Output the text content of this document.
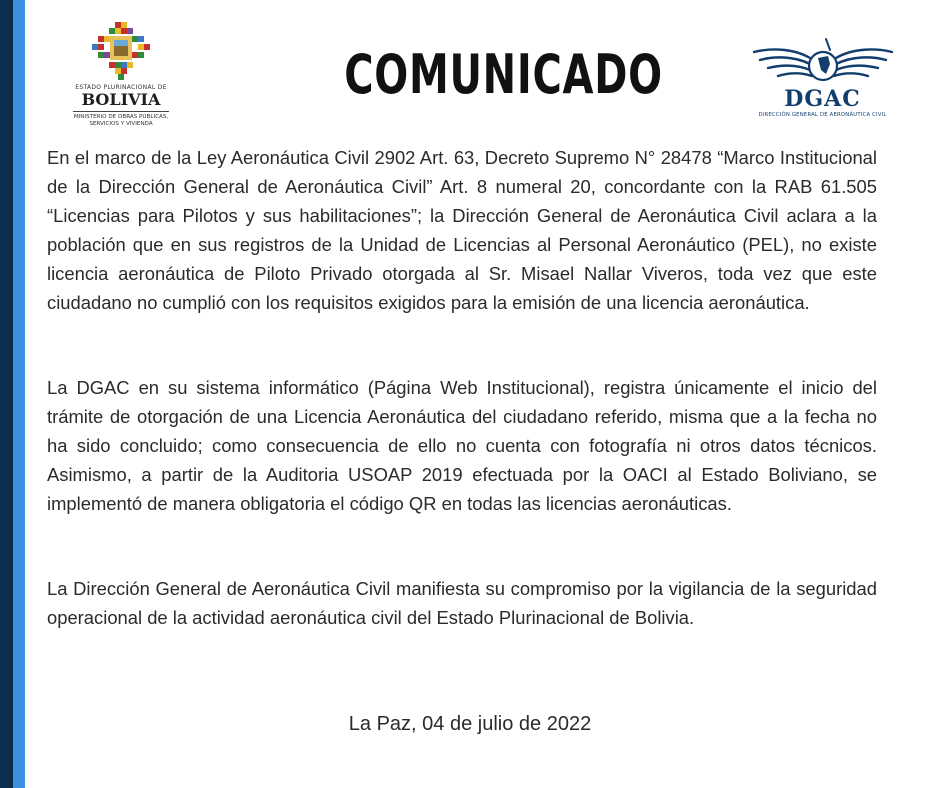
ESTADO PLURINACIONAL DE
BOLIVIA
MINISTERIO DE OBRAS PÚBLICAS,
SERVICIOS Y VIVIENDA
COMUNICADO	DGAC
DIRECCIÓN GENERAL DE AERONÁUTICA CIVIL

En el marco de la Ley Aeronáutica Civil 2902 Art. 63, Decreto Supremo N° 28478 “Marco Institucional de la Dirección General de Aeronáutica Civil” Art. 8 numeral 20, concordante con la RAB 61.505 “Licencias para Pilotos y sus habilitaciones”; la Dirección General de Aeronáutica Civil aclara a la población que en sus registros de la Unidad de Licencias al Personal Aeronáutico (PEL), no existe licencia aeronáutica de Piloto Privado otorgada al Sr. Misael Nallar Viveros, toda vez que este ciudadano no cumplió con los requisitos exigidos para la emisión de una licencia aeronáutica.

La DGAC en su sistema informático (Página Web Institucional), registra únicamente el inicio del trámite de otorgación de una Licencia Aeronáutica del ciudadano referido, misma que a la fecha no ha sido concluido; como consecuencia de ello no cuenta con fotografía ni otros datos técnicos. Asimismo, a partir de la Auditoria USOAP 2019 efectuada por la OACI al Estado Boliviano, se implementó de manera obligatoria el código QR en todas las licencias aeronáuticas.

La Dirección General de Aeronáutica Civil manifiesta su compromiso por la vigilancia de la seguridad operacional de la actividad aeronáutica civil del Estado Plurinacional de Bolivia.

La Paz, 04 de julio de 2022
